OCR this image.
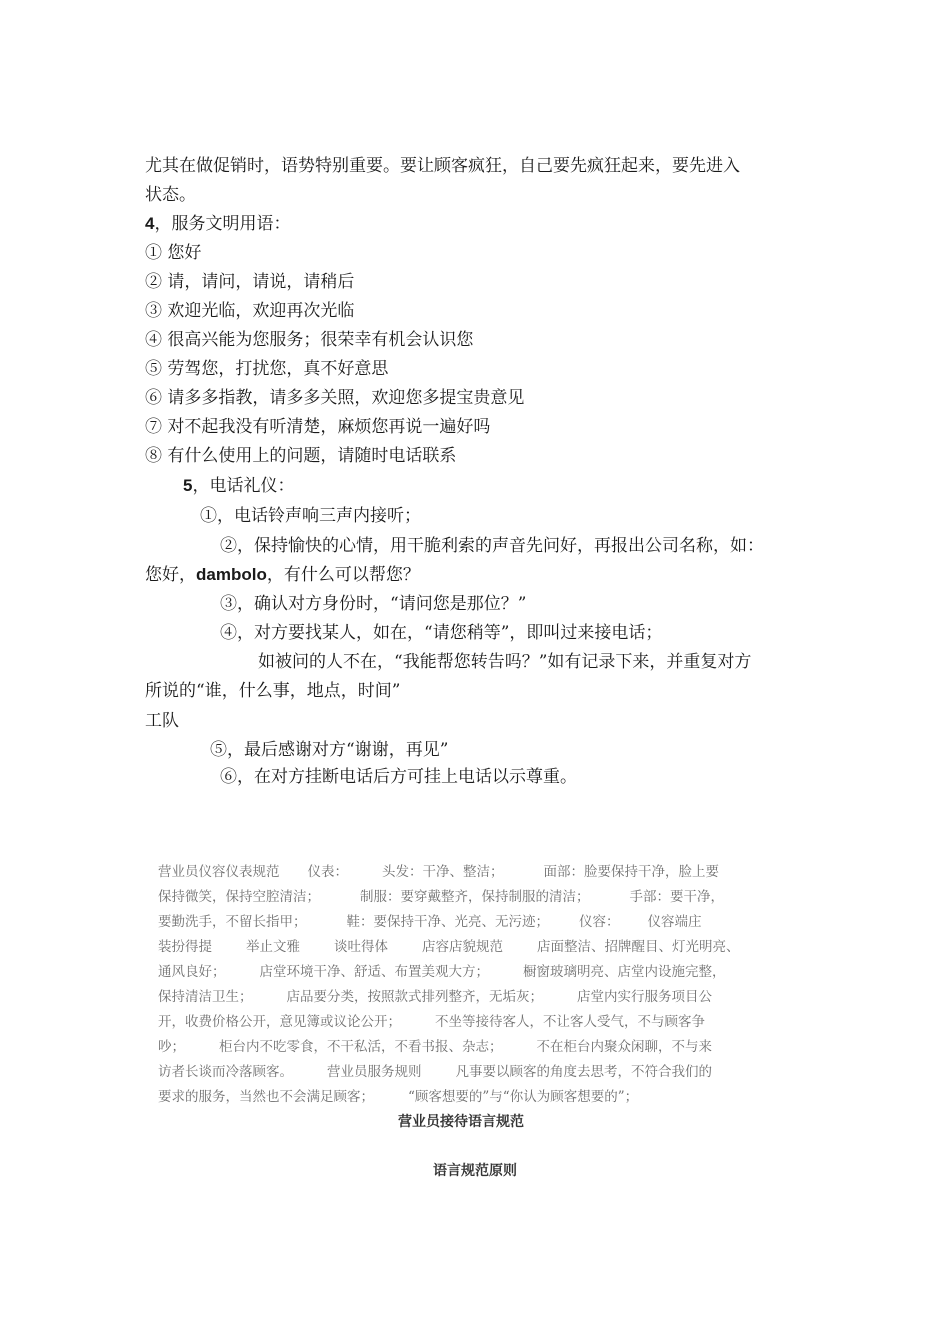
尤其在做促销时，语势特别重要。要让顾客疯狂，自己要先疯狂起来，要先进入
状态。
4，服务文明用语：
① 您好
② 请，请问，请说，请稍后
③ 欢迎光临，欢迎再次光临
④ 很高兴能为您服务；很荣幸有机会认识您
⑤ 劳驾您，打扰您，真不好意思
⑥ 请多多指教，请多多关照，欢迎您多提宝贵意见
⑦ 对不起我没有听清楚，麻烦您再说一遍好吗
⑧ 有什么使用上的问题，请随时电话联系
5，电话礼仪：
①，电话铃声响三声内接听；
②，保持愉快的心情，用干脆利索的声音先问好，再报出公司名称，如：
您好，dambolo，有什么可以帮您？
③，确认对方身份时，“请问您是那位？”
④，对方要找某人，如在，“请您稍等”，即叫过来接电话；
如被问的人不在，“我能帮您转告吗？”如有记录下来，并重复对方
所说的“谁，什么事，地点，时间”
工队
⑤，最后感谢对方“谢谢，再见”
⑥，在对方挂断电话后方可挂上电话以示尊重。
营业员仪容仪表规范 仪表：	头发：干净、整洁；	面部：脸要保持干净，脸上要
保持微笑，保持空腔清洁；	制服：要穿戴整齐，保持制服的清洁；	手部：要干净，
要勤洗手，不留长指甲；	鞋：要保持干净、光亮、无污迹； 仪容： 仪容端庄
装扮得提	举止文雅	谈吐得体	店容店貌规范	店面整洁、招牌醒目、灯光明亮、
通风良好；	店堂环境干净、舒适、布置美观大方；	橱窗玻璃明亮、店堂内设施完整，
保持清洁卫生；	店品要分类，按照款式排列整齐，无垢灰；	店堂内实行服务项目公
开，收费价格公开，意见簿或议论公开；	不坐等接待客人，不让客人受气，不与顾客争
吵；	柜台内不吃零食，不干私活，不看书报、杂志；	不在柜台内聚众闲聊，不与来
访者长谈而冷落顾客。	营业员服务规则	凡事要以顾客的角度去思考，不符合我们的
要求的服务，当然也不会满足顾客；	“顾客想要的”与“你认为顾客想要的”；
营业员接待语言规范
语言规范原则
